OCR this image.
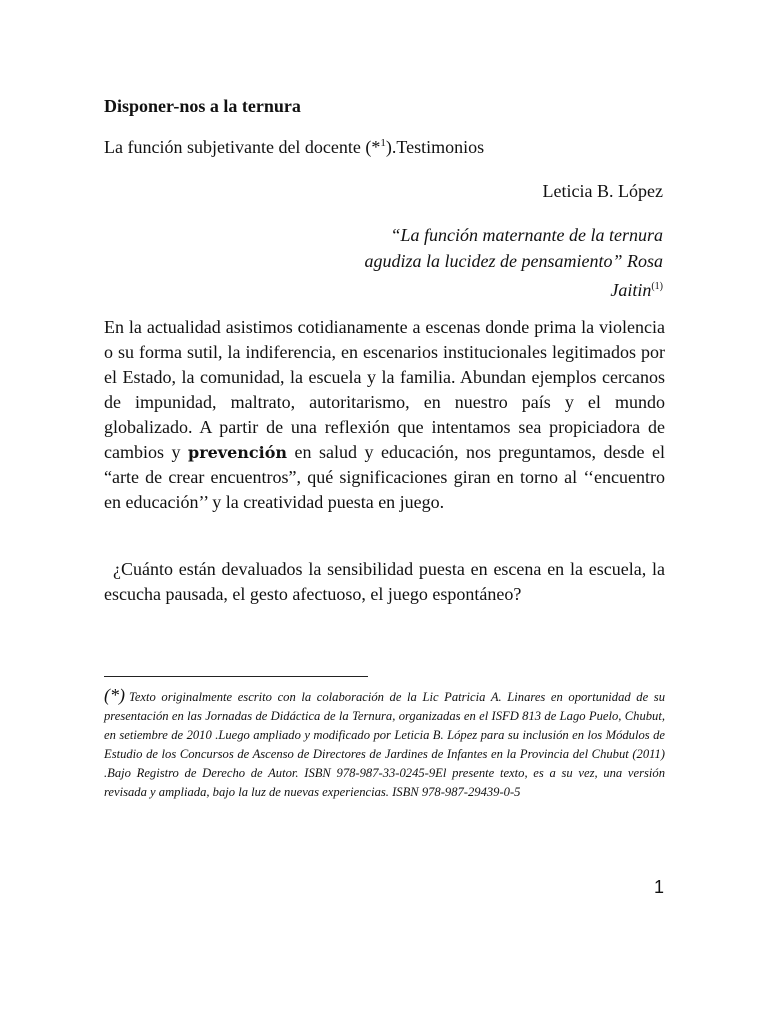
Disponer-nos a la ternura

La función subjetivante del docente (*$^1$).Testimonios

Leticia B. López

“La función maternante de la ternura agudiza la lucidez de pensamiento” Rosa Jaitin$^{(1)}$

En la actualidad asistimos cotidianamente a escenas donde prima la violencia o su forma sutil, la indiferencia, en escenarios institucionales legitimados por el Estado, la comunidad, la escuela y la familia. Abundan ejemplos cercanos de impunidad, maltrato, autoritarismo, en nuestro país y el mundo globalizado. A partir de una reflexión que intentamos sea propiciadora de cambios y prevención en salud y educación, nos preguntamos, desde el “arte de crear encuentros”, qué significaciones giran en torno al ‘‘encuentro en educación’’ y la creatividad puesta en juego.

¿Cuánto están devaluados la sensibilidad puesta en escena en la escuela, la escucha pausada, el gesto afectuoso, el juego espontáneo?

(*) Texto originalmente escrito con la colaboración de la Lic Patricia A. Linares en oportunidad de su presentación en las Jornadas de Didáctica de la Ternura, organizadas en el ISFD 813 de Lago Puelo, Chubut, en setiembre de 2010 .Luego ampliado y modificado por Leticia B. López para su inclusión en los Módulos de Estudio de los Concursos de Ascenso de Directores de Jardines de Infantes en la Provincia del Chubut (2011) .Bajo Registro de Derecho de Autor. ISBN 978-987-33-0245-9El presente texto, es a su vez, una versión revisada y ampliada, bajo la luz de nuevas experiencias. ISBN 978-987-29439-0-5

1
